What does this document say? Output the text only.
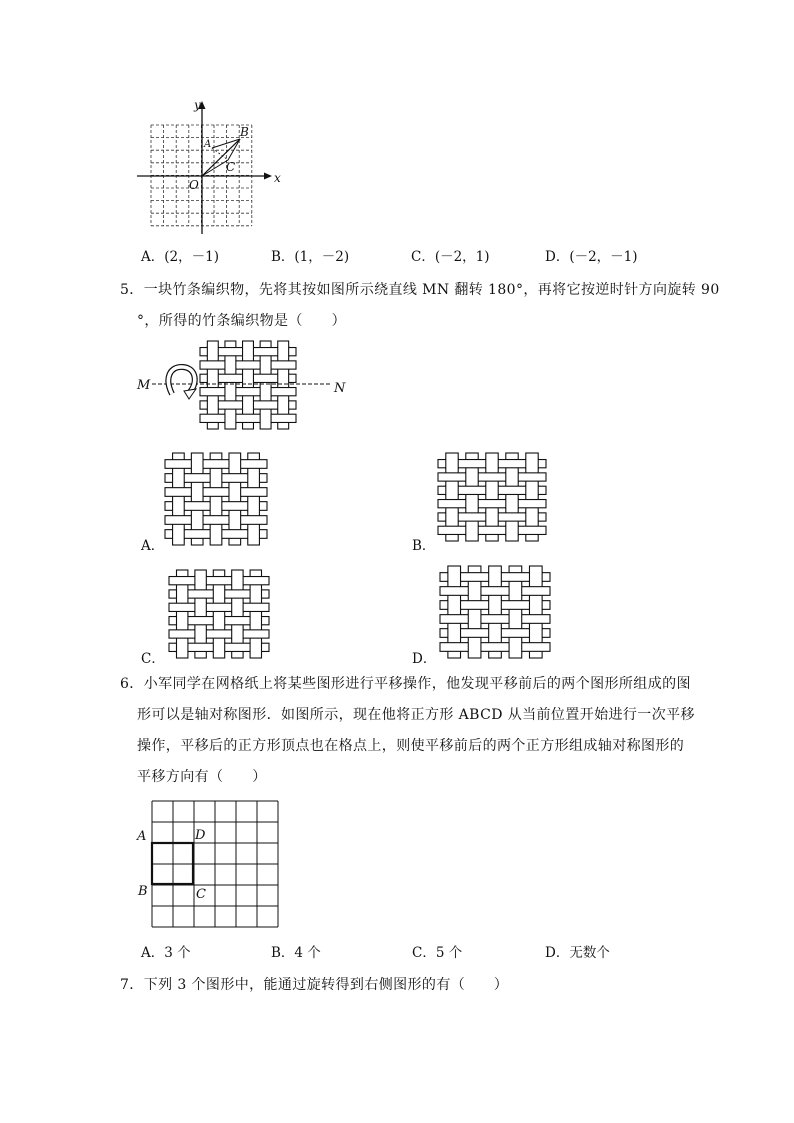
y
x
O
A
B
C
A．(2，－1)	B．(1，－2)	C．(－2，1)	D．(－2，－1)
5．一块竹条编织物，先将其按如图所示绕直线 MN 翻转 180°，再将它按逆时针方向旋转 90
°，所得的竹条编织物是（　　）
M	N
A．	B．
C．	D．
6．小军同学在网格纸上将某些图形进行平移操作，他发现平移前后的两个图形所组成的图
形可以是轴对称图形．如图所示，现在他将正方形 ABCD 从当前位置开始进行一次平移
操作，平移后的正方形顶点也在格点上，则使平移前后的两个正方形组成轴对称图形的
平移方向有（　　）
A
B	C
D
A．3 个	B．4 个	C．5 个	D．无数个
7．下列 3 个图形中，能通过旋转得到右侧图形的有（　　）
